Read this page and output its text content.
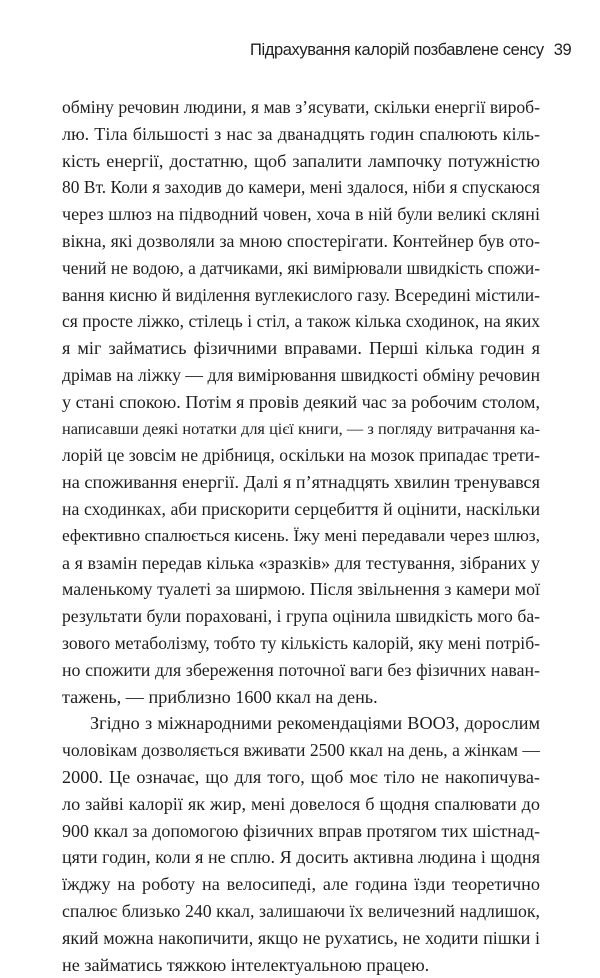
Підрахування калорій позбавлене сенсу 39
обміну речовин людини, я мав з’ясувати, скільки енергії вироб-
лю. Тіла більшості з нас за дванадцять годин спалюють кіль-
кість енергії, достатню, щоб запалити лампочку потужністю
80 Вт. Коли я заходив до камери, мені здалося, ніби я спускаюся
через шлюз на підводний човен, хоча в ній були великі скляні
вікна, які дозволяли за мною спостерігати. Контейнер був ото-
чений не водою, а датчиками, які вимірювали швидкість спожи-
вання кисню й виділення вуглекислого газу. Всередині містили-
ся просте ліжко, стілець і стіл, а також кілька сходинок, на яких
я міг займатись фізичними вправами. Перші кілька годин я
дрімав на ліжку — для вимірювання швидкості обміну речовин
у стані спокою. Потім я провів деякий час за робочим столом,
написавши деякі нотатки для цієї книги, — з погляду витрачання ка-
лорій це зовсім не дрібниця, оскільки на мозок припадає трети-
на споживання енергії. Далі я п’ятнадцять хвилин тренувався
на сходинках, аби прискорити серцебиття й оцінити, наскільки
ефективно спалюється кисень. Їжу мені передавали через шлюз,
а я взамін передав кілька «зразків» для тестування, зібраних у
маленькому туалеті за ширмою. Після звільнення з камери мої
результати були пораховані, і група оцінила швидкість мого ба-
зового метаболізму, тобто ту кількість калорій, яку мені потріб-
но спожити для збереження поточної ваги без фізичних наван-
тажень, — приблизно 1600 ккал на день.
Згідно з міжнародними рекомендаціями ВООЗ, дорослим
чоловікам дозволяється вживати 2500 ккал на день, а жінкам —
2000. Це означає, що для того, щоб моє тіло не накопичува-
ло зайві калорії як жир, мені довелося б щодня спалювати до
900 ккал за допомогою фізичних вправ протягом тих шістнад-
цяти годин, коли я не сплю. Я досить активна людина і щодня
їжджу на роботу на велосипеді, але година їзди теоретично
спалює близько 240 ккал, залишаючи їх величезний надлишок,
який можна накопичити, якщо не рухатись, не ходити пішки і
не займатись тяжкою інтелектуальною працею.
